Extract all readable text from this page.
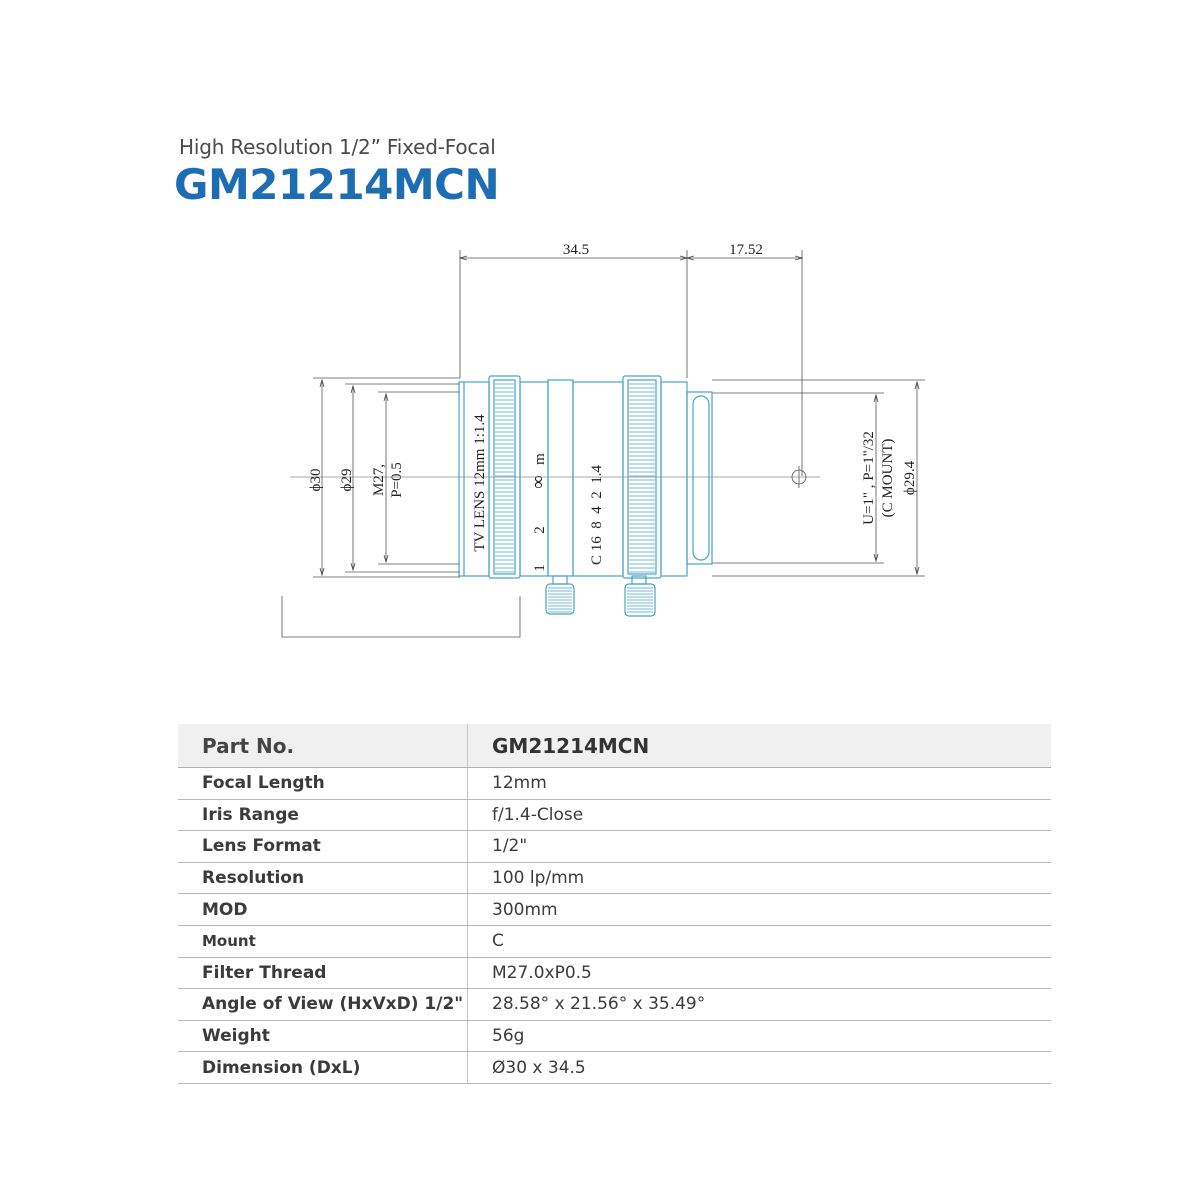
High Resolution 1/2” Fixed-Focal
GM21214MCN
34.5	17.52
ϕ30 ϕ29 M27, P=0.5	TV LENS 12mm 1:1.4	m
∞
2
1
C 16  8  4  2  1.4	U=1" , P=1"/32 (C MOUNT) ϕ29.4
Part No.	GM21214MCN
Focal Length	12mm
Iris Range	f/1.4-Close
Lens Format	1/2"
Resolution	100 lp/mm
MOD	300mm
Mount	C
Filter Thread	M27.0xP0.5
Angle of View (HxVxD) 1/2"	28.58° x 21.56° x 35.49°
Weight	56g
Dimension (DxL)	Ø30 x 34.5
